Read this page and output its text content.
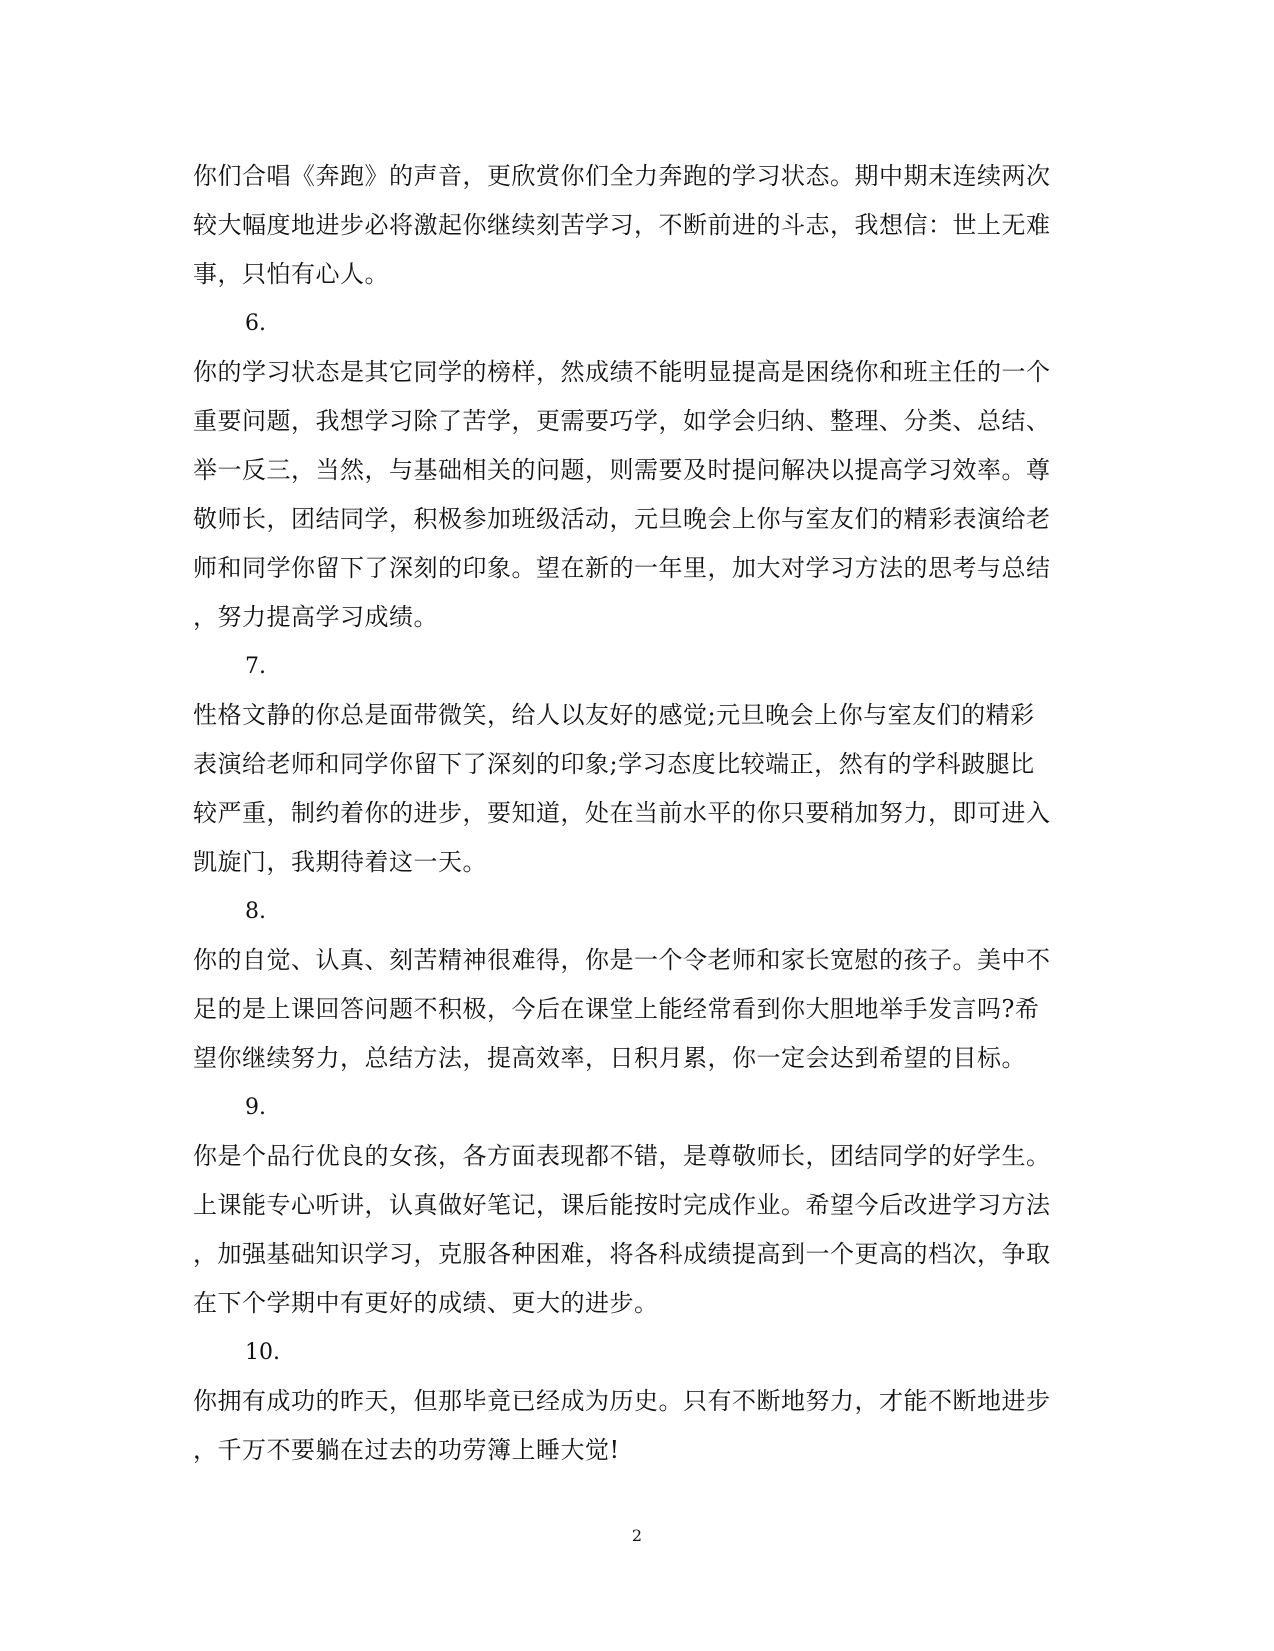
你们合唱《奔跑》的声音，更欣赏你们全力奔跑的学习状态。期中期末连续两次
较大幅度地进步必将激起你继续刻苦学习，不断前进的斗志，我想信：世上无难
事，只怕有心人。
6.
你的学习状态是其它同学的榜样，然成绩不能明显提高是困绕你和班主任的一个
重要问题，我想学习除了苦学，更需要巧学，如学会归纳、整理、分类、总结、
举一反三，当然，与基础相关的问题，则需要及时提问解决以提高学习效率。尊
敬师长，团结同学，积极参加班级活动，元旦晚会上你与室友们的精彩表演给老
师和同学你留下了深刻的印象。望在新的一年里，加大对学习方法的思考与总结
，努力提高学习成绩。
7.
性格文静的你总是面带微笑，给人以友好的感觉;元旦晚会上你与室友们的精彩
表演给老师和同学你留下了深刻的印象;学习态度比较端正，然有的学科跛腿比
较严重，制约着你的进步，要知道，处在当前水平的你只要稍加努力，即可进入
凯旋门，我期待着这一天。
8.
你的自觉、认真、刻苦精神很难得，你是一个令老师和家长宽慰的孩子。美中不
足的是上课回答问题不积极，今后在课堂上能经常看到你大胆地举手发言吗?希
望你继续努力，总结方法，提高效率，日积月累，你一定会达到希望的目标。
9.
你是个品行优良的女孩，各方面表现都不错，是尊敬师长，团结同学的好学生。
上课能专心听讲，认真做好笔记，课后能按时完成作业。希望今后改进学习方法
，加强基础知识学习，克服各种困难，将各科成绩提高到一个更高的档次，争取
在下个学期中有更好的成绩、更大的进步。
10.
你拥有成功的昨天，但那毕竟已经成为历史。只有不断地努力，才能不断地进步
，千万不要躺在过去的功劳簿上睡大觉!
2
